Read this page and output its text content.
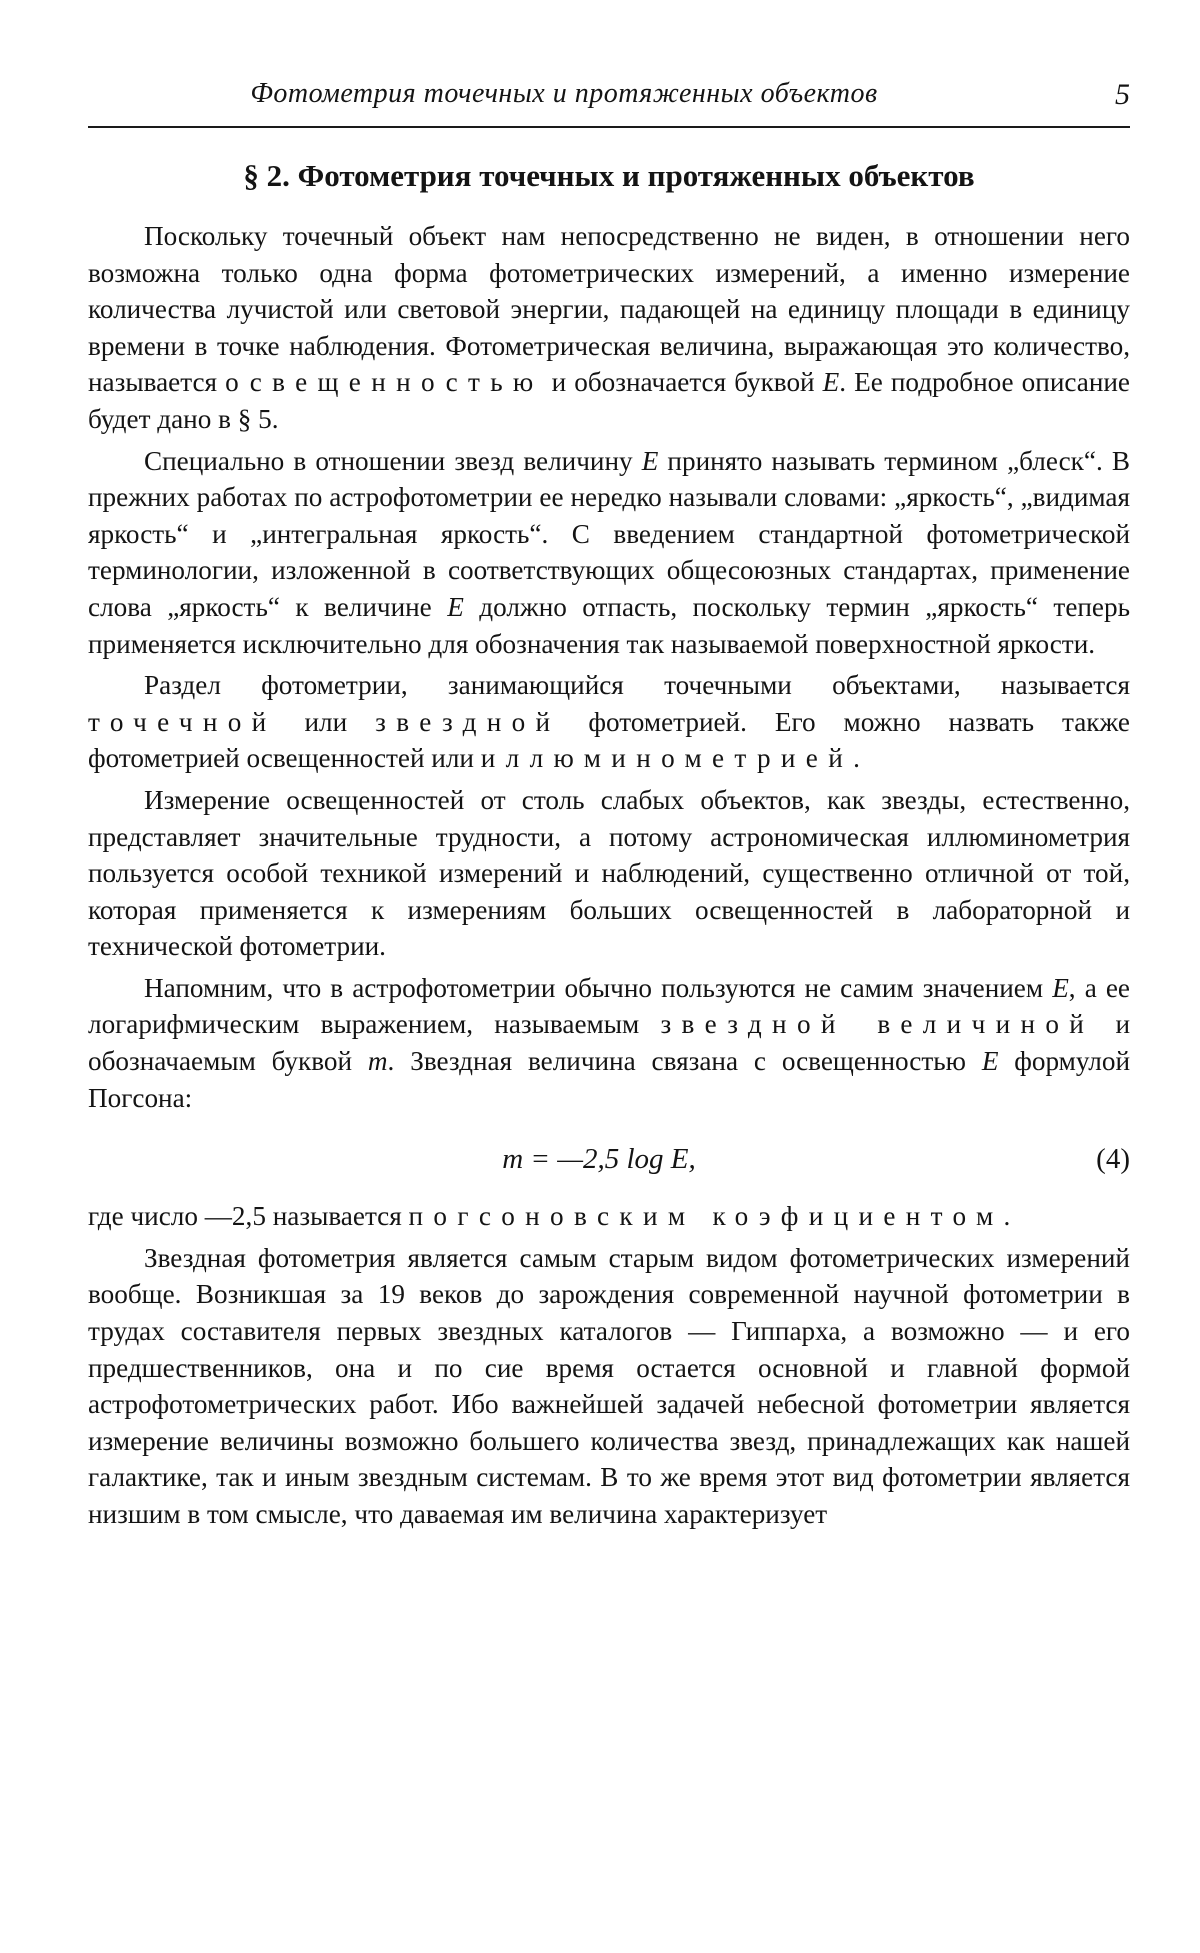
Фотометрия точечных и протяженных объектов	5
§ 2. Фотометрия точечных и протяженных объектов

Поскольку точечный объект нам непосредственно не виден, в отношении него возможна только одна форма фотометрических измерений, а именно измерение количества лучистой или световой энергии, падающей на единицу площади в единицу времени в точке наблюдения. Фотометрическая величина, выражающая это количество, называется освещенностью и обозначается буквой E. Ее подробное описание будет дано в § 5.

Специально в отношении звезд величину E принято называть термином „блеск“. В прежних работах по астрофотометрии ее нередко называли словами: „яркость“, „видимая яркость“ и „интегральная яркость“. С введением стандартной фотометрической терминологии, изложенной в соответствующих общесоюзных стандартах, применение слова „яркость“ к величине E должно отпасть, поскольку термин „яркость“ теперь применяется исключительно для обозначения так называемой поверхностной яркости.

Раздел фотометрии, занимающийся точечными объектами, называется точечной или звездной фотометрией. Его можно назвать также фотометрией освещенностей или иллюминометрией.

Измерение освещенностей от столь слабых объектов, как звезды, естественно, представляет значительные трудности, а потому астрономическая иллюминометрия пользуется особой техникой измерений и наблюдений, существенно отличной от той, которая применяется к измерениям больших освещенностей в лабораторной и технической фотометрии.

Напомним, что в астрофотометрии обычно пользуются не самим значением E, а ее логарифмическим выражением, называемым звездной величиной и обозначаемым буквой m. Звездная величина связана с освещенностью E формулой Погсона:

m = —2,5 log E,	(4)

где число —2,5 называется погсоновским коэфициентом.

Звездная фотометрия является самым старым видом фотометрических измерений вообще. Возникшая за 19 веков до зарождения современной научной фотометрии в трудах составителя первых звездных каталогов — Гиппарха, а возможно — и его предшественников, она и по сие время остается основной и главной формой астрофотометрических работ. Ибо важнейшей задачей небесной фотометрии является измерение величины возможно большего количества звезд, принадлежащих как нашей галактике, так и иным звездным системам. В то же время этот вид фотометрии является низшим в том смысле, что даваемая им величина характеризует
